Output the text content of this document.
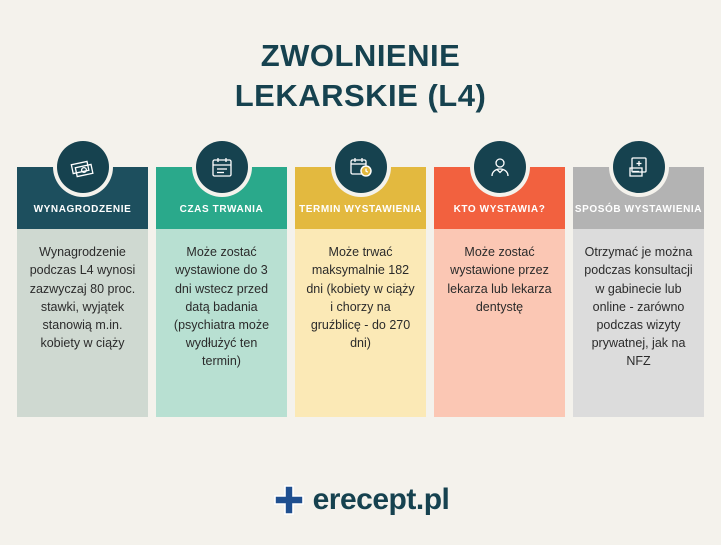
ZWOLNIENIE
LEKARSKIE (L4)
WYNAGRODZENIE
Wynagrodzenie podczas L4 wynosi zazwyczaj 80 proc. stawki, wyjątek stanowią m.in. kobiety w ciąży
CZAS TRWANIA
Może zostać wystawione do 3 dni wstecz przed datą badania (psychiatra może wydłużyć ten termin)
TERMIN WYSTAWIENIA
Może trwać maksymalnie 182 dni (kobiety w ciąży i chorzy na gruźblicę - do 270 dni)
KTO WYSTAWIA?
Może zostać wystawione przez lekarza lub lekarza dentystę
SPOSÓB WYSTAWIENIA
Otrzymać je można podczas konsultacji w gabinecie lub online - zarówno podczas wizyty prywatnej, jak na NFZ
erecept.pl
